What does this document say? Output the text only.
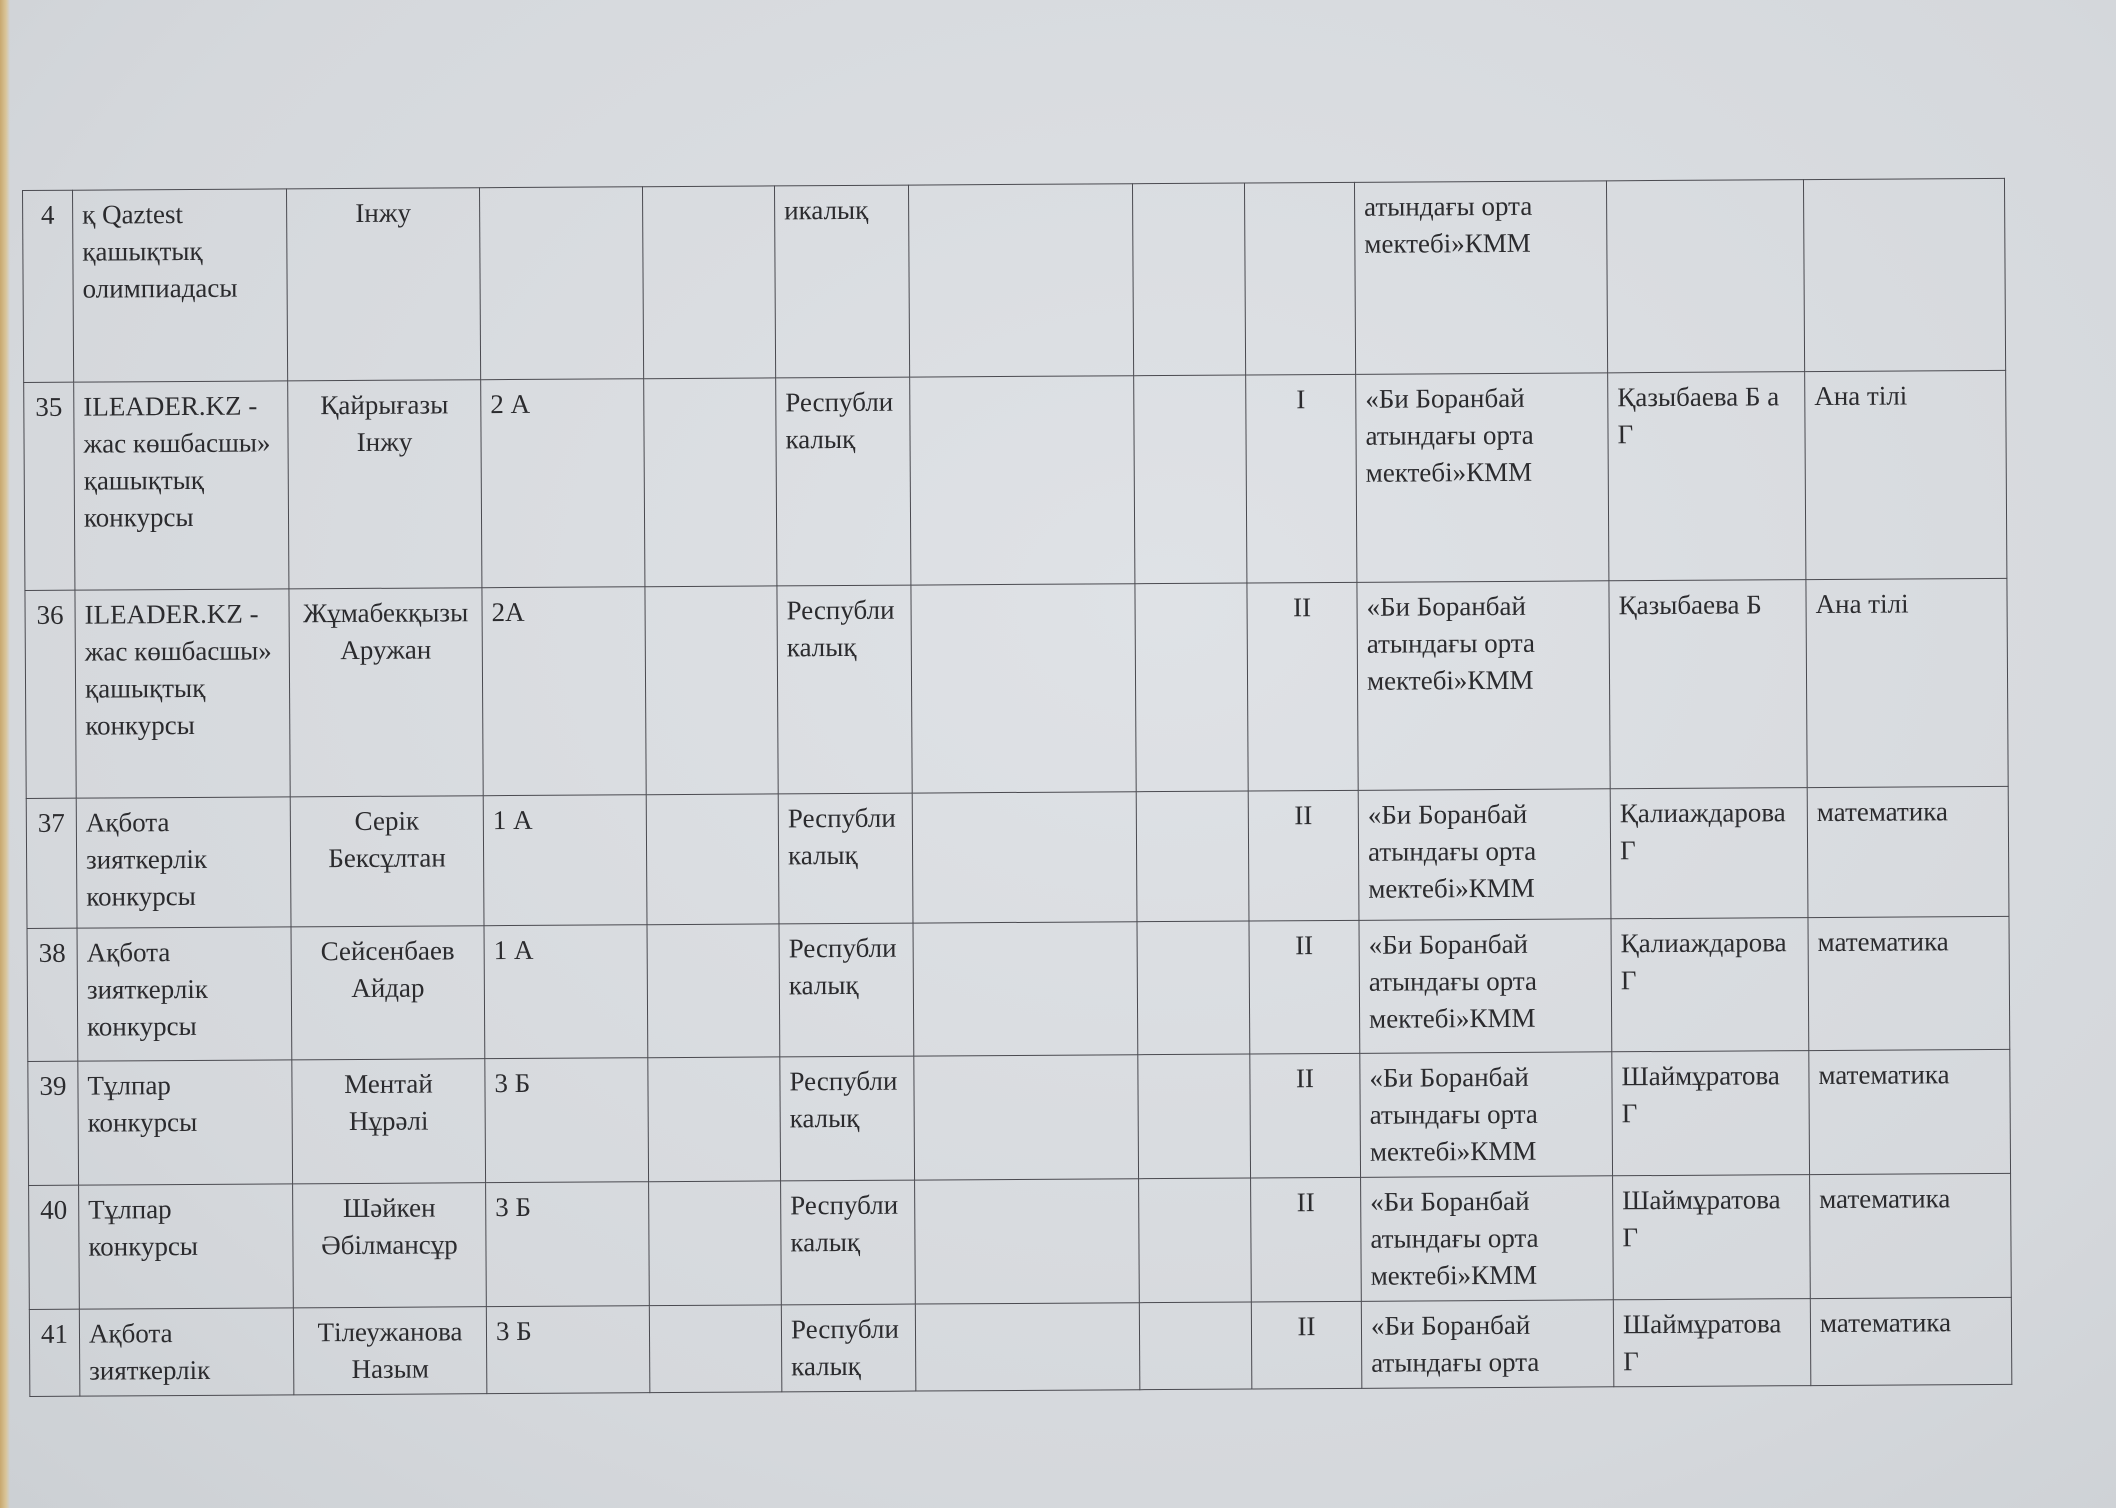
4	қ Qaztest қашықтық олимпиадасы	Інжу			икалық				атындағы орта мектебі»КММ		
35	ILEADER.KZ - жас көшбасшы» қашықтық конкурсы	Қайрығазы Інжу	2 А		Республикалық			I	«Би Боранбай атындағы орта мектебі»КММ	Қазыбаева Б а Г	Ана тілі
36	ILEADER.KZ - жас көшбасшы» қашықтық конкурсы	Жұмабекқызы Аружан	2А		Республикалық			II	«Би Боранбай атындағы орта мектебі»КММ	Қазыбаева Б	Ана тілі
37	Ақбота зияткерлік конкурсы	Серік Бексұлтан	1 А		Республикалық			II	«Би Боранбай атындағы орта мектебі»КММ	Қалиаждарова Г	математика
38	Ақбота зияткерлік конкурсы	Сейсенбаев Айдар	1 А		Республикалық			II	«Би Боранбай атындағы орта мектебі»КММ	Қалиаждарова Г	математика
39	Тұлпар конкурсы	Ментай Нұрәлі	3 Б		Республикалық			II	«Би Боранбай атындағы орта мектебі»КММ	Шаймұратова Г	математика
40	Тұлпар конкурсы	Шәйкен Әбілмансұр	3 Б		Республикалық			II	«Би Боранбай атындағы орта мектебі»КММ	Шаймұратова Г	математика
41	Ақбота зияткерлік	Тілеужанова Назым	3 Б		Республикалық			II	«Би Боранбай атындағы орта	Шаймұратова Г	математика
